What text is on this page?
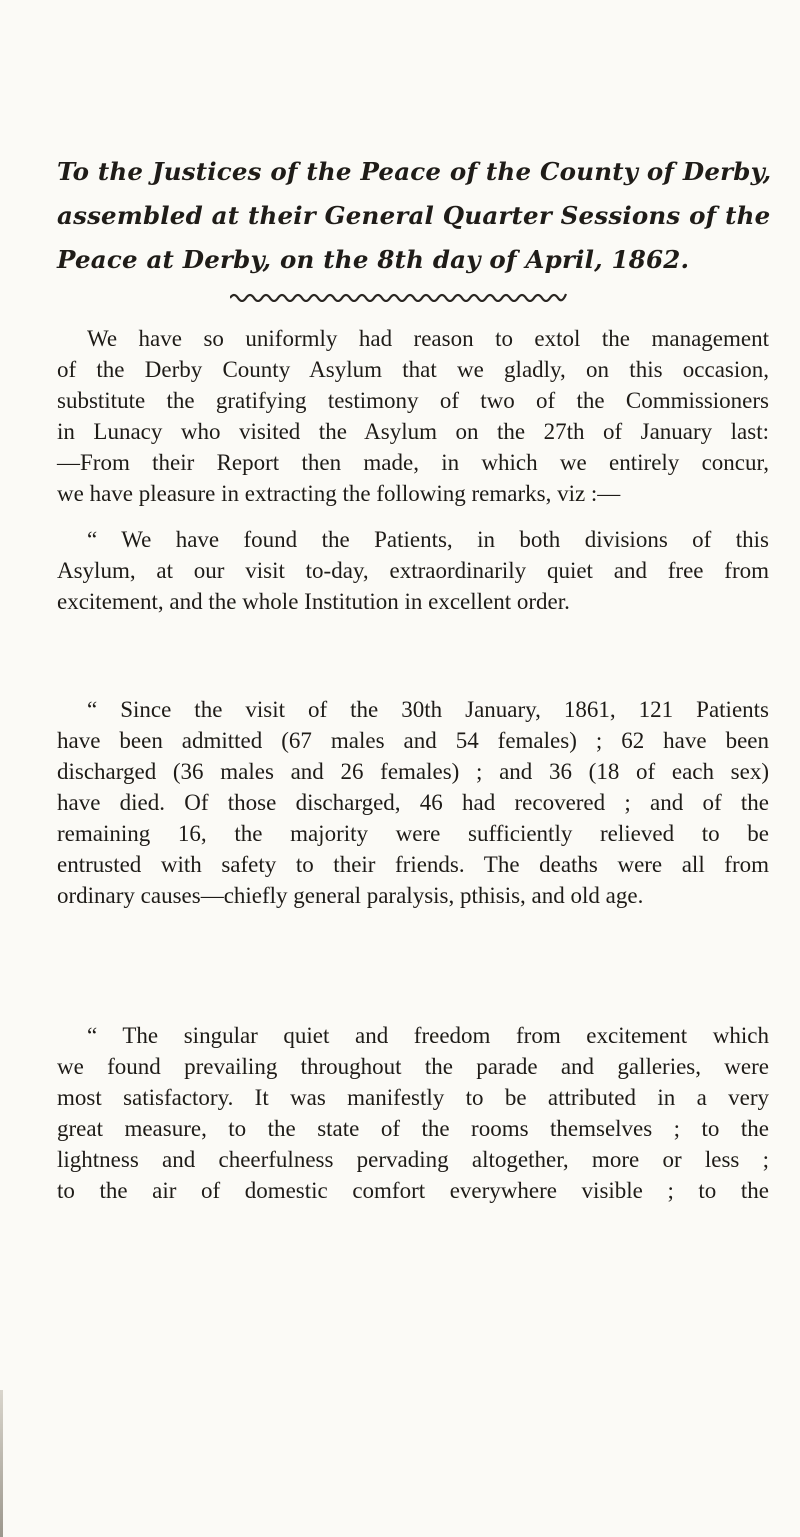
To the Justices of the Peace of the County of Derby,
assembled at their General Quarter Sessions of the
Peace at Derby, on the 8th day of April, 1862.
We have so uniformly had reason to extol the management
of the Derby County Asylum that we gladly, on this occasion,
substitute the gratifying testimony of two of the Commissioners
in Lunacy who visited the Asylum on the 27th of January last:
—From their Report then made, in which we entirely concur,
we have pleasure in extracting the following remarks, viz :—
“ We have found the Patients, in both divisions of this
Asylum, at our visit to-day, extraordinarily quiet and free from
excitement, and the whole Institution in excellent order.
“ Since the visit of the 30th January, 1861, 121 Patients
have been admitted (67 males and 54 females) ; 62 have been
discharged (36 males and 26 females) ; and 36 (18 of each sex)
have died. Of those discharged, 46 had recovered ; and of the
remaining 16, the majority were sufficiently relieved to be
entrusted with safety to their friends. The deaths were all from
ordinary causes—chiefly general paralysis, pthisis, and old age.
“ The singular quiet and freedom from excitement which
we found prevailing throughout the parade and galleries, were
most satisfactory. It was manifestly to be attributed in a very
great measure, to the state of the rooms themselves ; to the
lightness and cheerfulness pervading altogether, more or less ;
to the air of domestic comfort everywhere visible ; to the
